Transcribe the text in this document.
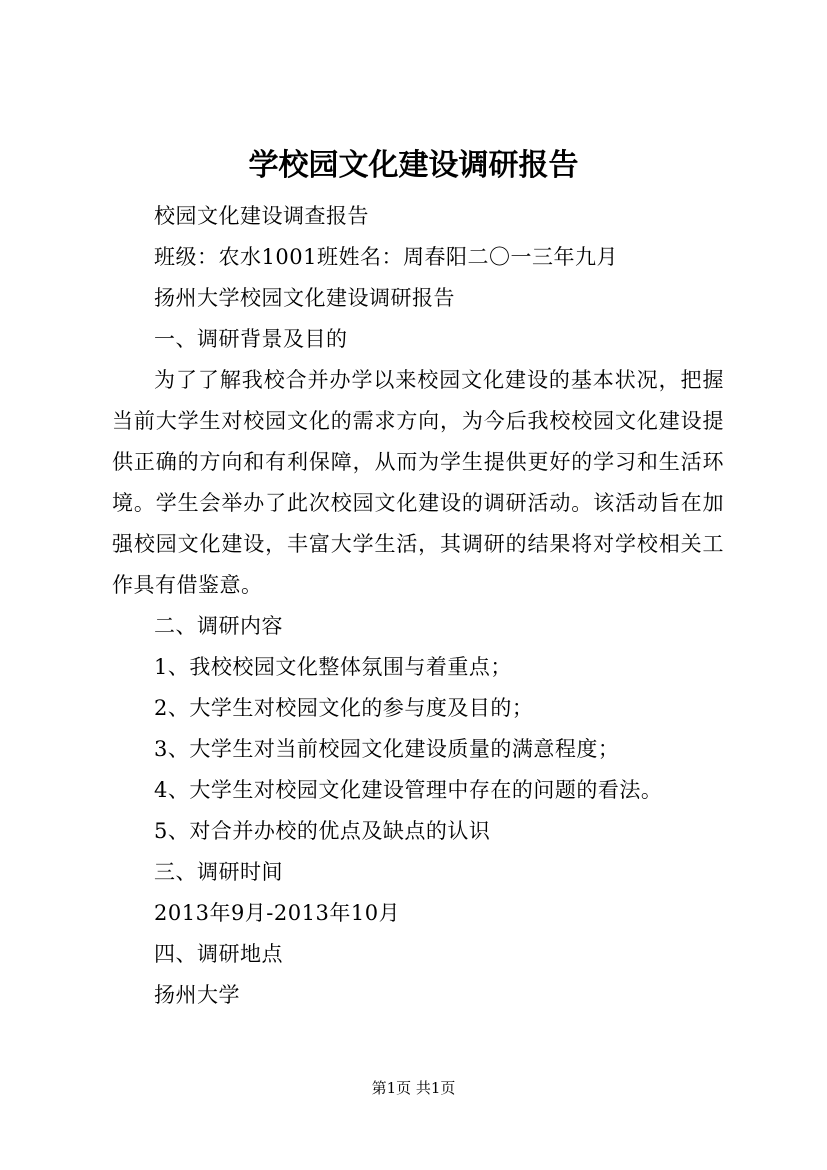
学校园文化建设调研报告

校园文化建设调查报告

班级：农水1001班姓名：周春阳二〇一三年九月

扬州大学校园文化建设调研报告

一、调研背景及目的

为了了解我校合并办学以来校园文化建设的基本状况，把握当前大学生对校园文化的需求方向，为今后我校校园文化建设提供正确的方向和有利保障，从而为学生提供更好的学习和生活环境。学生会举办了此次校园文化建设的调研活动。该活动旨在加强校园文化建设，丰富大学生活，其调研的结果将对学校相关工作具有借鉴意。

二、调研内容

1、我校校园文化整体氛围与着重点；

2、大学生对校园文化的参与度及目的；

3、大学生对当前校园文化建设质量的满意程度；

4、大学生对校园文化建设管理中存在的问题的看法。

5、对合并办校的优点及缺点的认识

三、调研时间

2013年9月-2013年10月

四、调研地点

扬州大学

第1页 共1页
